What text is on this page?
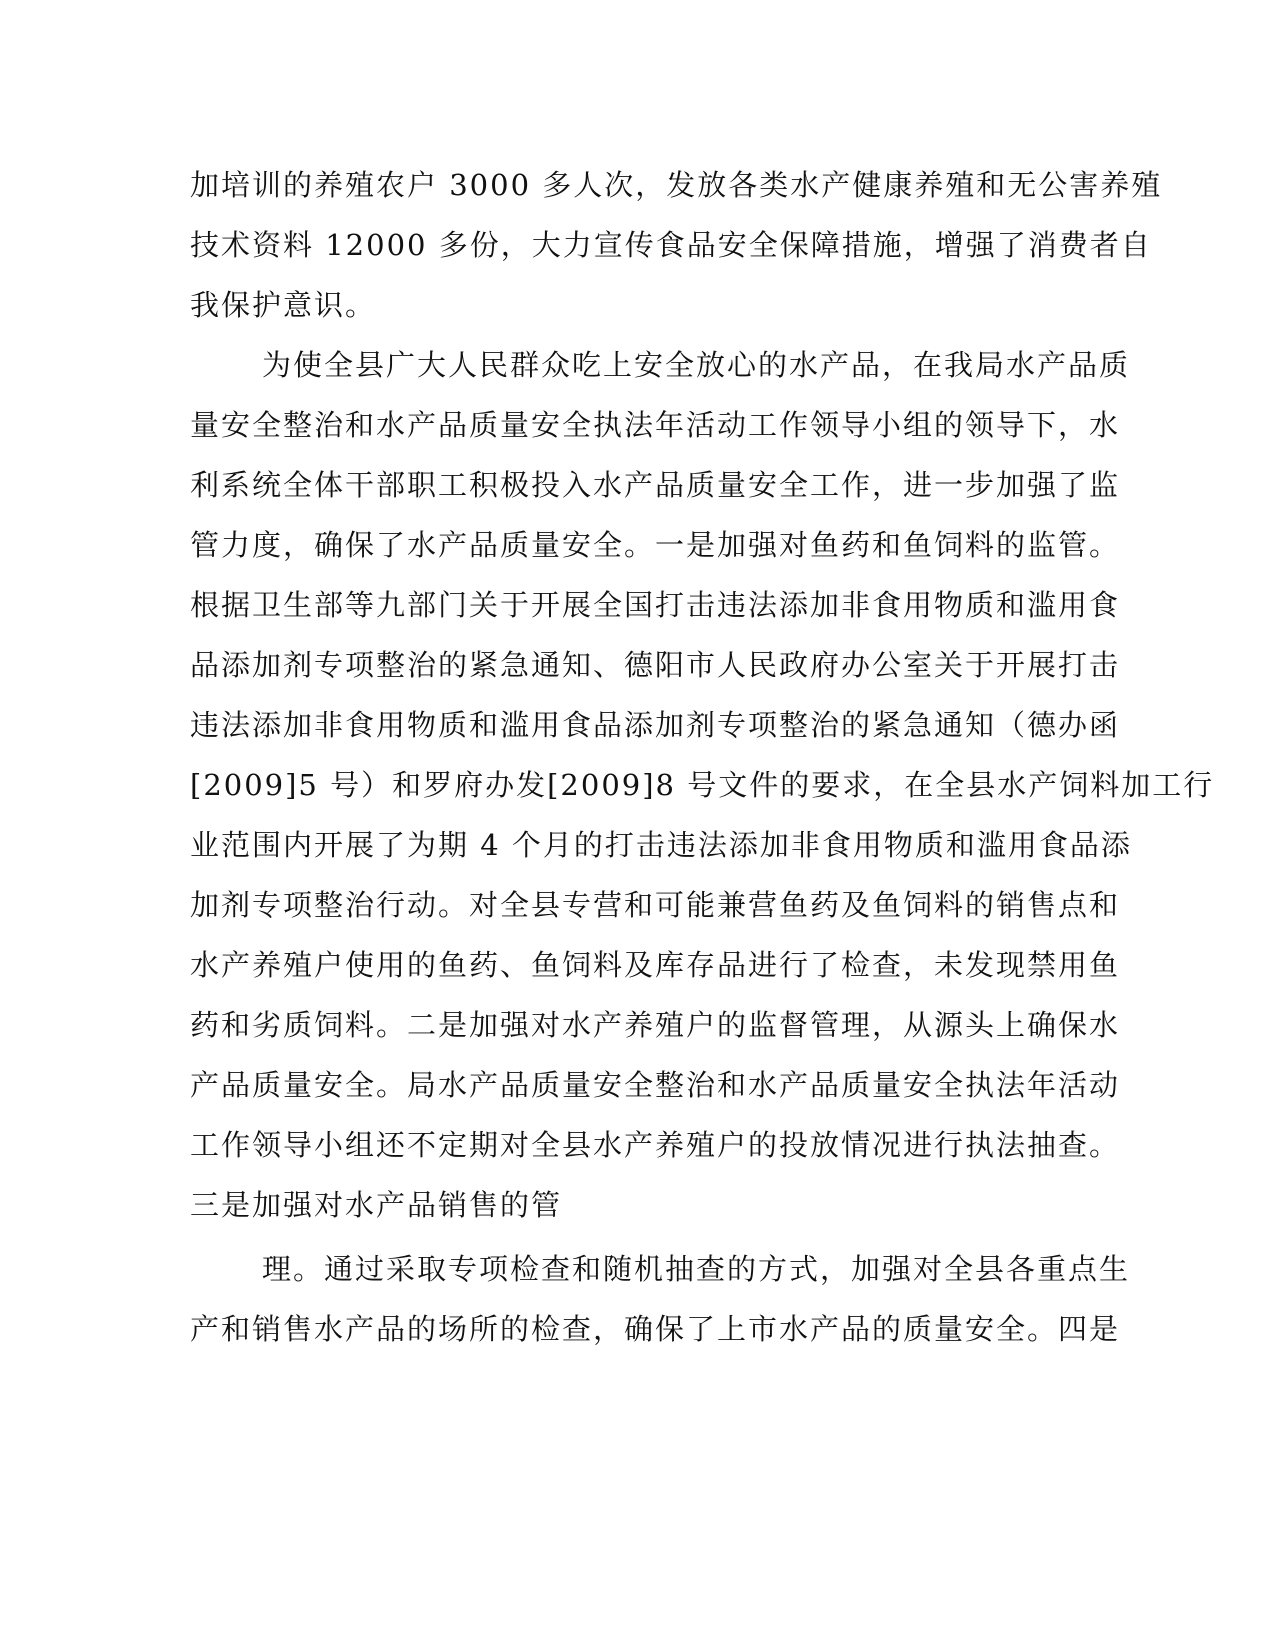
加培训的养殖农户 3000 多人次，发放各类水产健康养殖和无公害养殖
技术资料 12000 多份，大力宣传食品安全保障措施，增强了消费者自
我保护意识。
为使全县广大人民群众吃上安全放心的水产品，在我局水产品质
量安全整治和水产品质量安全执法年活动工作领导小组的领导下，水
利系统全体干部职工积极投入水产品质量安全工作，进一步加强了监
管力度，确保了水产品质量安全。一是加强对鱼药和鱼饲料的监管。
根据卫生部等九部门关于开展全国打击违法添加非食用物质和滥用食
品添加剂专项整治的紧急通知、德阳市人民政府办公室关于开展打击
违法添加非食用物质和滥用食品添加剂专项整治的紧急通知（德办函
[2009]5 号）和罗府办发[2009]8 号文件的要求，在全县水产饲料加工行
业范围内开展了为期 4 个月的打击违法添加非食用物质和滥用食品添
加剂专项整治行动。对全县专营和可能兼营鱼药及鱼饲料的销售点和
水产养殖户使用的鱼药、鱼饲料及库存品进行了检查，未发现禁用鱼
药和劣质饲料。二是加强对水产养殖户的监督管理，从源头上确保水
产品质量安全。局水产品质量安全整治和水产品质量安全执法年活动
工作领导小组还不定期对全县水产养殖户的投放情况进行执法抽查。
三是加强对水产品销售的管
理。通过采取专项检查和随机抽查的方式，加强对全县各重点生
产和销售水产品的场所的检查，确保了上市水产品的质量安全。四是
